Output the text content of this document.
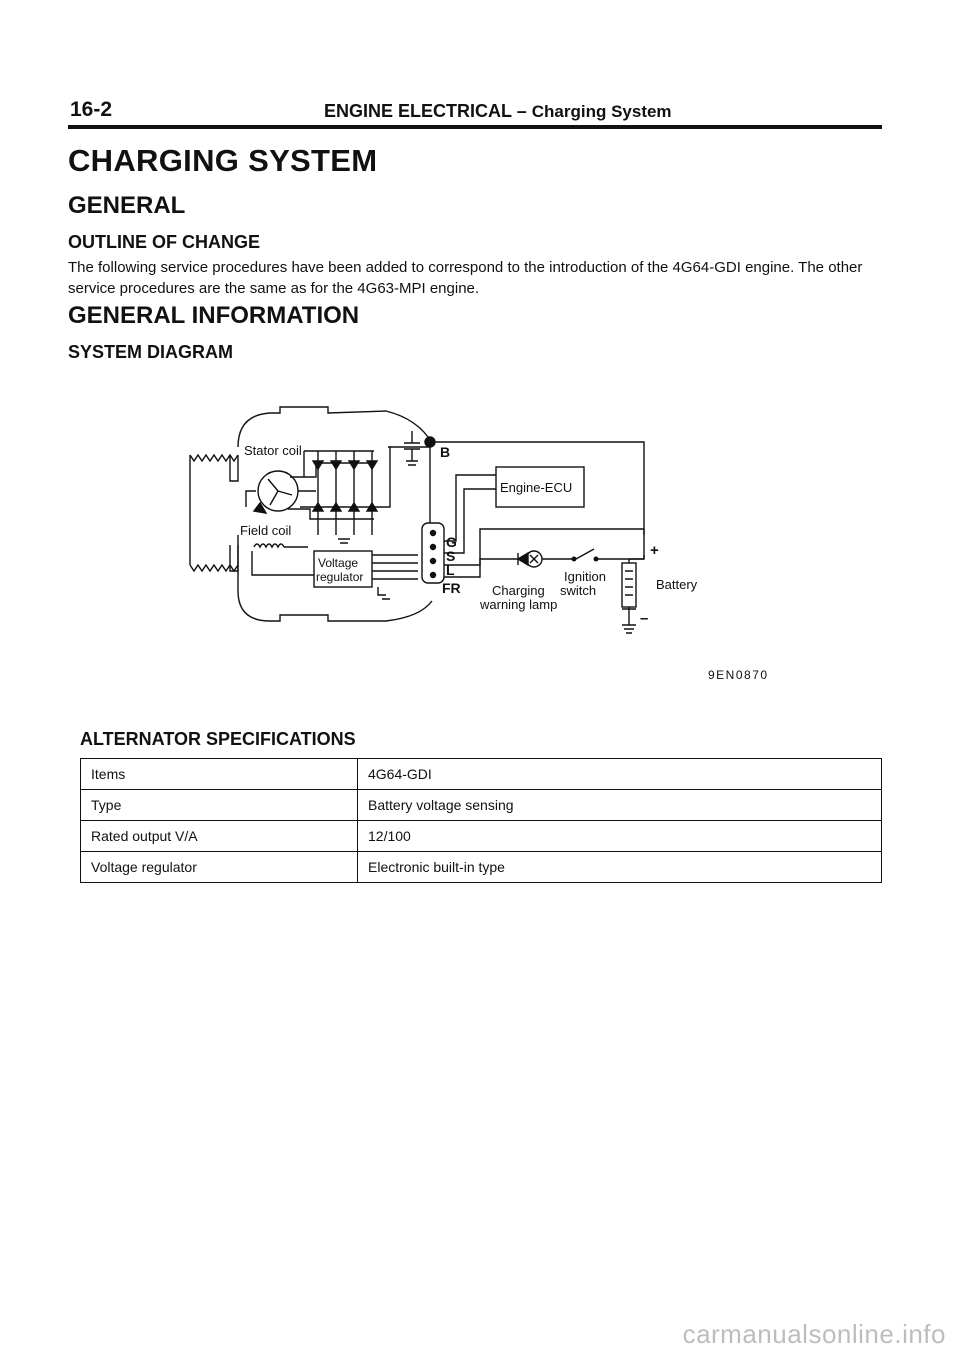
16-2	ENGINE ELECTRICAL – Charging System
CHARGING SYSTEM
GENERAL
OUTLINE OF CHANGE

The following service procedures have been added to correspond to the introduction of the 4G64-GDI engine. The other service procedures are the same as for the 4G63-MPI engine.

GENERAL INFORMATION
SYSTEM DIAGRAM
Stator coil
Field coil
Voltage
regulator
B
G
S
L
FR
Engine-ECU
Ignition
Charging switch
warning lamp
+
–
Battery
9EN0870
ALTERNATOR SPECIFICATIONS
Items	4G64-GDI
Type	Battery voltage sensing
Rated output V/A	12/100
Voltage regulator	Electronic built-in type
carmanualsonline.info
